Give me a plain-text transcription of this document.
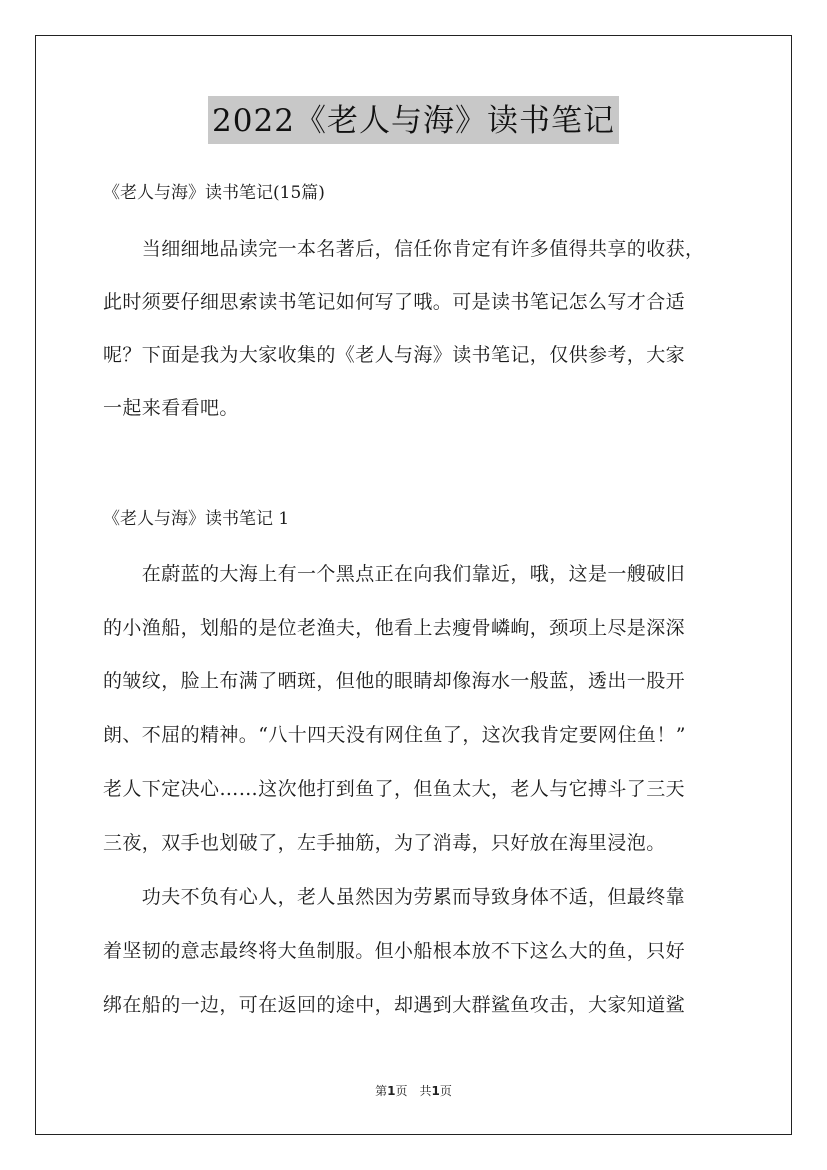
2022《老人与海》读书笔记
《老人与海》读书笔记(15篇)
　　当细细地品读完一本名著后，信任你肯定有许多值得共享的收获，
此时须要仔细思索读书笔记如何写了哦。可是读书笔记怎么写才合适
呢？下面是我为大家收集的《老人与海》读书笔记，仅供参考，大家
一起来看看吧。
《老人与海》读书笔记 1
　　在蔚蓝的大海上有一个黑点正在向我们靠近，哦，这是一艘破旧
的小渔船，划船的是位老渔夫，他看上去瘦骨嶙峋，颈项上尽是深深
的皱纹，脸上布满了晒斑，但他的眼睛却像海水一般蓝，透出一股开
朗、不屈的精神。“八十四天没有网住鱼了，这次我肯定要网住鱼！”
老人下定决心……这次他打到鱼了，但鱼太大，老人与它搏斗了三天
三夜，双手也划破了，左手抽筋，为了消毒，只好放在海里浸泡。
　　功夫不负有心人，老人虽然因为劳累而导致身体不适，但最终靠
着坚韧的意志最终将大鱼制服。但小船根本放不下这么大的鱼，只好
绑在船的一边，可在返回的途中，却遇到大群鲨鱼攻击，大家知道鲨
第1页　共1页
